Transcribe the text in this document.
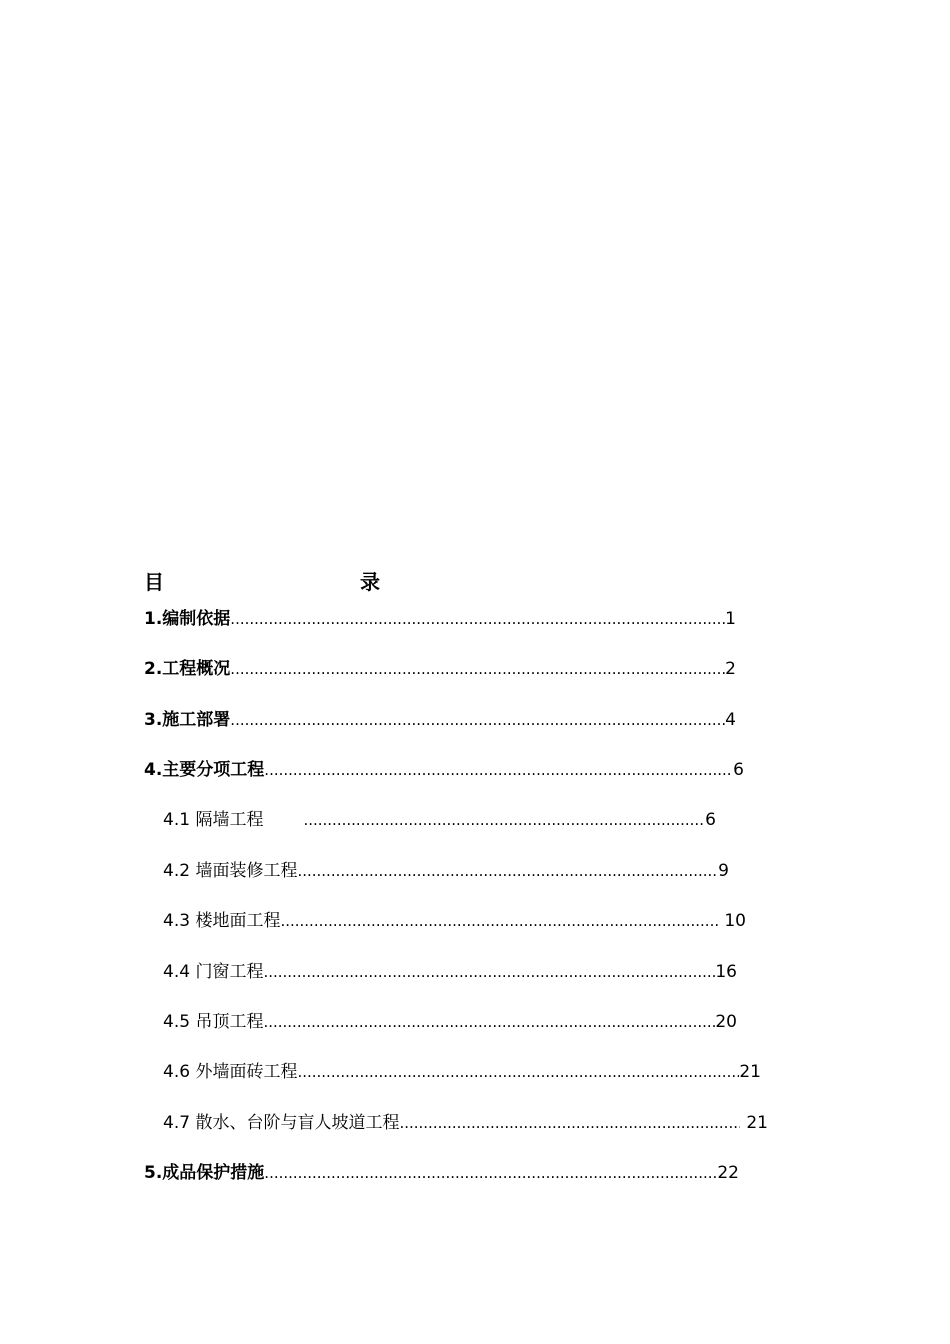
目	录
1.编制依据 .....	1
2.工程概况 .....	2
3.施工部署 .....	4
4.主要分项工程 .....	6
4.1 隔墙工程 .....	6
4.2 墙面装修工程 .....	9
4.3 楼地面工程 .....	10
4.4 门窗工程 .....	16
4.5 吊顶工程 .....	20
4.6 外墙面砖工程 .....	21
4.7 散水、台阶与盲人坡道工程 .....	21
5.成品保护措施 .....	22
